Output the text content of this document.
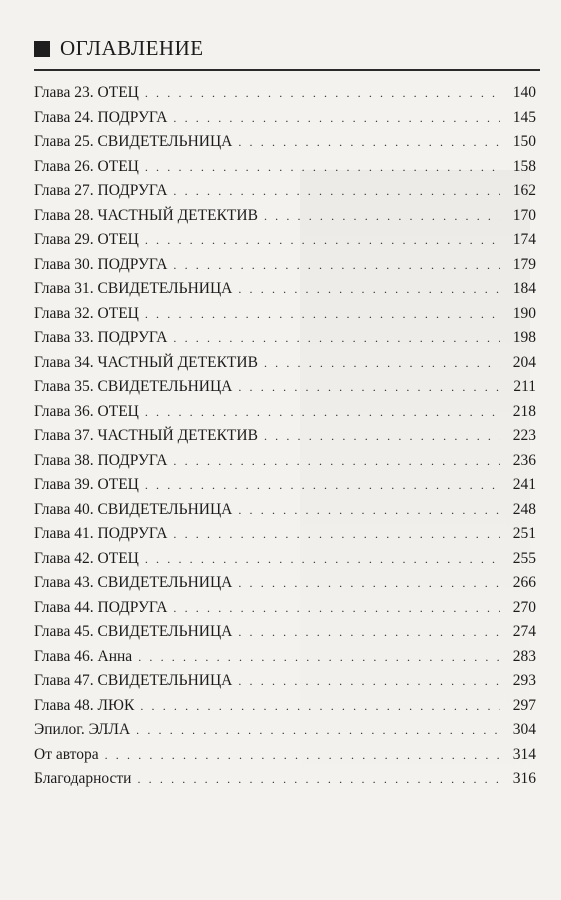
ОГЛАВЛЕНИЕ
Глава 23. ОТЕЦ . . .	140
Глава 24. ПОДРУГА . . .	145
Глава 25. СВИДЕТЕЛЬНИЦА . . .	150
Глава 26. ОТЕЦ . . .	158
Глава 27. ПОДРУГА . . .	162
Глава 28. ЧАСТНЫЙ ДЕТЕКТИВ . . .	170
Глава 29. ОТЕЦ . . .	174
Глава 30. ПОДРУГА . . .	179
Глава 31. СВИДЕТЕЛЬНИЦА . . .	184
Глава 32. ОТЕЦ . . .	190
Глава 33. ПОДРУГА . . .	198
Глава 34. ЧАСТНЫЙ ДЕТЕКТИВ . . .	204
Глава 35. СВИДЕТЕЛЬНИЦА . . .	211
Глава 36. ОТЕЦ . . .	218
Глава 37. ЧАСТНЫЙ ДЕТЕКТИВ . . .	223
Глава 38. ПОДРУГА . . .	236
Глава 39. ОТЕЦ . . .	241
Глава 40. СВИДЕТЕЛЬНИЦА . . .	248
Глава 41. ПОДРУГА . . .	251
Глава 42. ОТЕЦ . . .	255
Глава 43. СВИДЕТЕЛЬНИЦА . . .	266
Глава 44. ПОДРУГА . . .	270
Глава 45. СВИДЕТЕЛЬНИЦА . . .	274
Глава 46. Анна . . .	283
Глава 47. СВИДЕТЕЛЬНИЦА . . .	293
Глава 48. ЛЮК . . .	297
Эпилог. ЭЛЛА . . .	304
От автора . . .	314
Благодарности . . .	316
